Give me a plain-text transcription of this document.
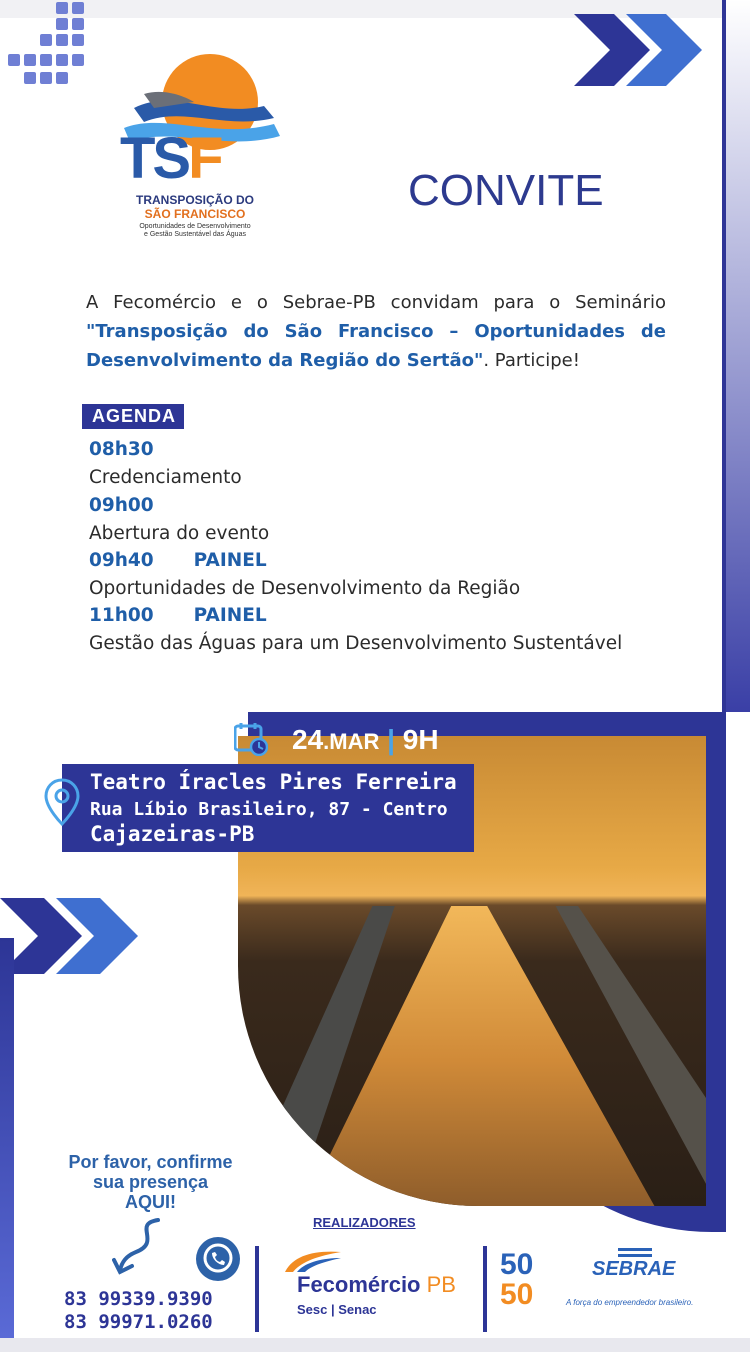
TSF
TRANSPOSIÇÃO DO
SÃO FRANCISCO
Oportunidades de Desenvolvimento
e Gestão Sustentável das Águas
CONVITE
A Fecomércio e o Sebrae-PB convidam para o Seminário "Transposição do São Francisco – Oportunidades de Desenvolvimento da Região do Sertão". Participe!
AGENDA
08h30
Credenciamento
09h00
Abertura do evento
09h40 PAINEL
Oportunidades de Desenvolvimento da Região
11h00 PAINEL
Gestão das Águas para um Desenvolvimento Sustentável
24.MAR | 9H
Teatro Íracles Pires Ferreira
Rua Líbio Brasileiro, 87 - Centro
Cajazeiras-PB
Por favor, confirme
sua presença
AQUI!
83 99339.9390
83 99971.0260
REALIZADORES
Fecomércio PB
Sesc | Senac
50
50
SEBRAE
A força do empreendedor brasileiro.
